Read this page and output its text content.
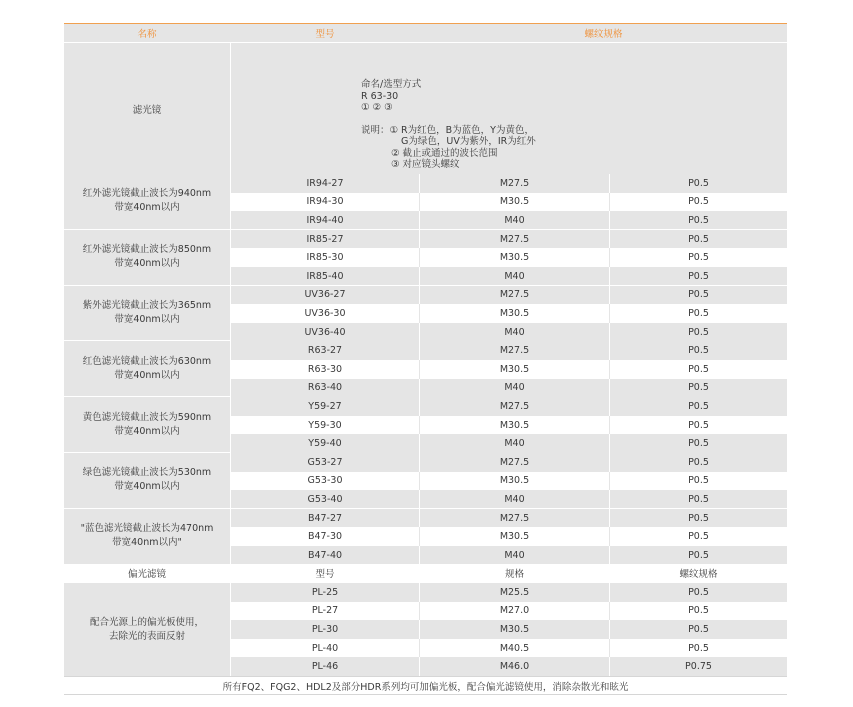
名称	型号	螺纹规格
滤光镜
命名/选型方式
R 63-30
① ② ③
说明：① R为红色，B为蓝色，Y为黄色，
G为绿色，UV为紫外，IR为红外
② 截止或通过的波长范围
③ 对应镜头螺纹
红外滤光镜截止波长为940nm
带宽40nm以内
IR94-27	M27.5	P0.5
IR94-30	M30.5	P0.5
IR94-40	M40	P0.5
红外滤光镜截止波长为850nm
带宽40nm以内
IR85-27	M27.5	P0.5
IR85-30	M30.5	P0.5
IR85-40	M40	P0.5
紫外滤光镜截止波长为365nm
带宽40nm以内
UV36-27	M27.5	P0.5
UV36-30	M30.5	P0.5
UV36-40	M40	P0.5
红色滤光镜截止波长为630nm
带宽40nm以内
R63-27	M27.5	P0.5
R63-30	M30.5	P0.5
R63-40	M40	P0.5
黄色滤光镜截止波长为590nm
带宽40nm以内
Y59-27	M27.5	P0.5
Y59-30	M30.5	P0.5
Y59-40	M40	P0.5
绿色滤光镜截止波长为530nm
带宽40nm以内
G53-27	M27.5	P0.5
G53-30	M30.5	P0.5
G53-40	M40	P0.5
"蓝色滤光镜截止波长为470nm
带宽40nm以内"
B47-27	M27.5	P0.5
B47-30	M30.5	P0.5
B47-40	M40	P0.5
偏光滤镜	型号	规格	螺纹规格
配合光源上的偏光板使用，
去除光的表面反射
PL-25	M25.5	P0.5
PL-27	M27.0	P0.5
PL-30	M30.5	P0.5
PL-40	M40.5	P0.5
PL-46	M46.0	P0.75
所有FQ2、FQG2、HDL2及部分HDR系列均可加偏光板，配合偏光滤镜使用，消除杂散光和眩光
